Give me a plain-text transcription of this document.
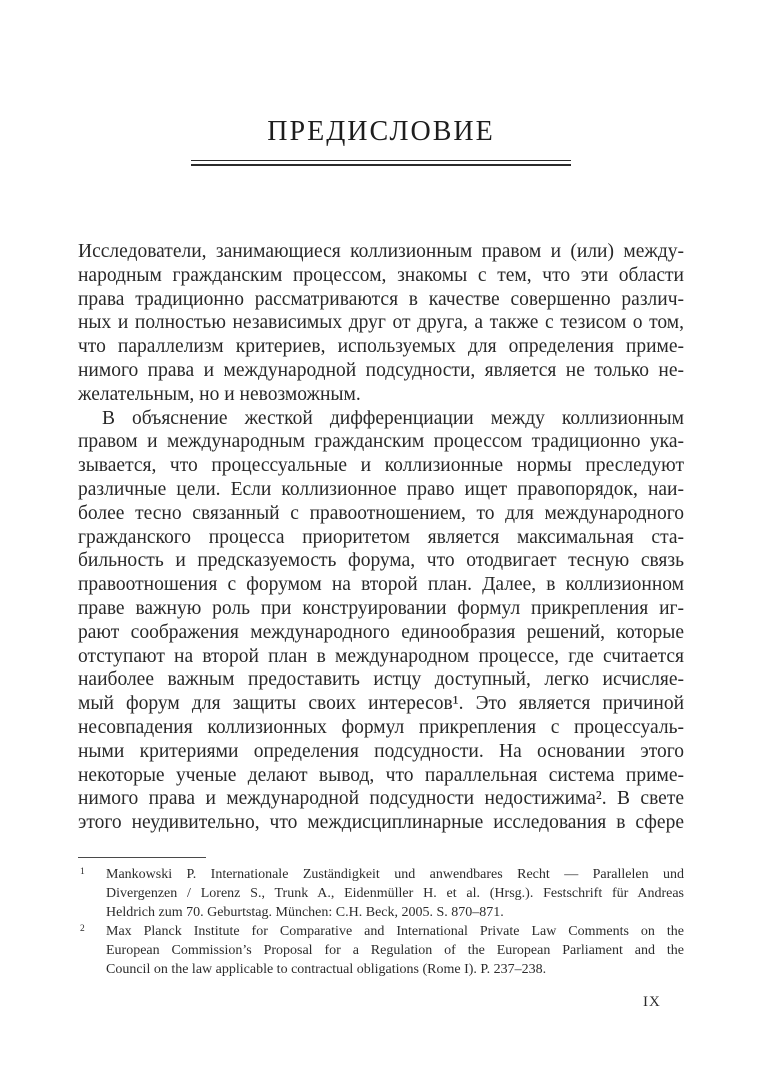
ПРЕДИСЛОВИЕ
Исследователи, занимающиеся коллизионным правом и (или) между-
народным гражданским процессом, знакомы с тем, что эти области
права традиционно рассматриваются в качестве совершенно различ-
ных и полностью независимых друг от друга, а также с тезисом о том,
что параллелизм критериев, используемых для определения приме-
нимого права и международной подсудности, является не только не-
желательным, но и невозможным.
В объяснение жесткой дифференциации между коллизионным
правом и международным гражданским процессом традиционно ука-
зывается, что процессуальные и коллизионные нормы преследуют
различные цели. Если коллизионное право ищет правопорядок, наи-
более тесно связанный с правоотношением, то для международного
гражданского процесса приоритетом является максимальная ста-
бильность и предсказуемость форума, что отодвигает тесную связь
правоотношения с форумом на второй план. Далее, в коллизионном
праве важную роль при конструировании формул прикрепления иг-
рают соображения международного единообразия решений, которые
отступают на второй план в международном процессе, где считается
наиболее важным предоставить истцу доступный, легко исчисляе-
мый форум для защиты своих интересов¹. Это является причиной
несовпадения коллизионных формул прикрепления с процессуаль-
ными критериями определения подсудности. На основании этого
некоторые ученые делают вывод, что параллельная система приме-
нимого права и международной подсудности недостижима². В свете
этого неудивительно, что междисциплинарные исследования в сфере
1 Mankowski P. Internationale Zuständigkeit und anwendbares Recht — Parallelen und
Divergenzen / Lorenz S., Trunk A., Eidenmüller H. et al. (Hrsg.). Festschrift für Andreas
Heldrich zum 70. Geburtstag. München: C.H. Beck, 2005. S. 870–871.
2 Max Planck Institute for Comparative and International Private Law Comments on the
European Commission’s Proposal for a Regulation of the European Parliament and the
Council on the law applicable to contractual obligations (Rome I). P. 237–238.
IX
